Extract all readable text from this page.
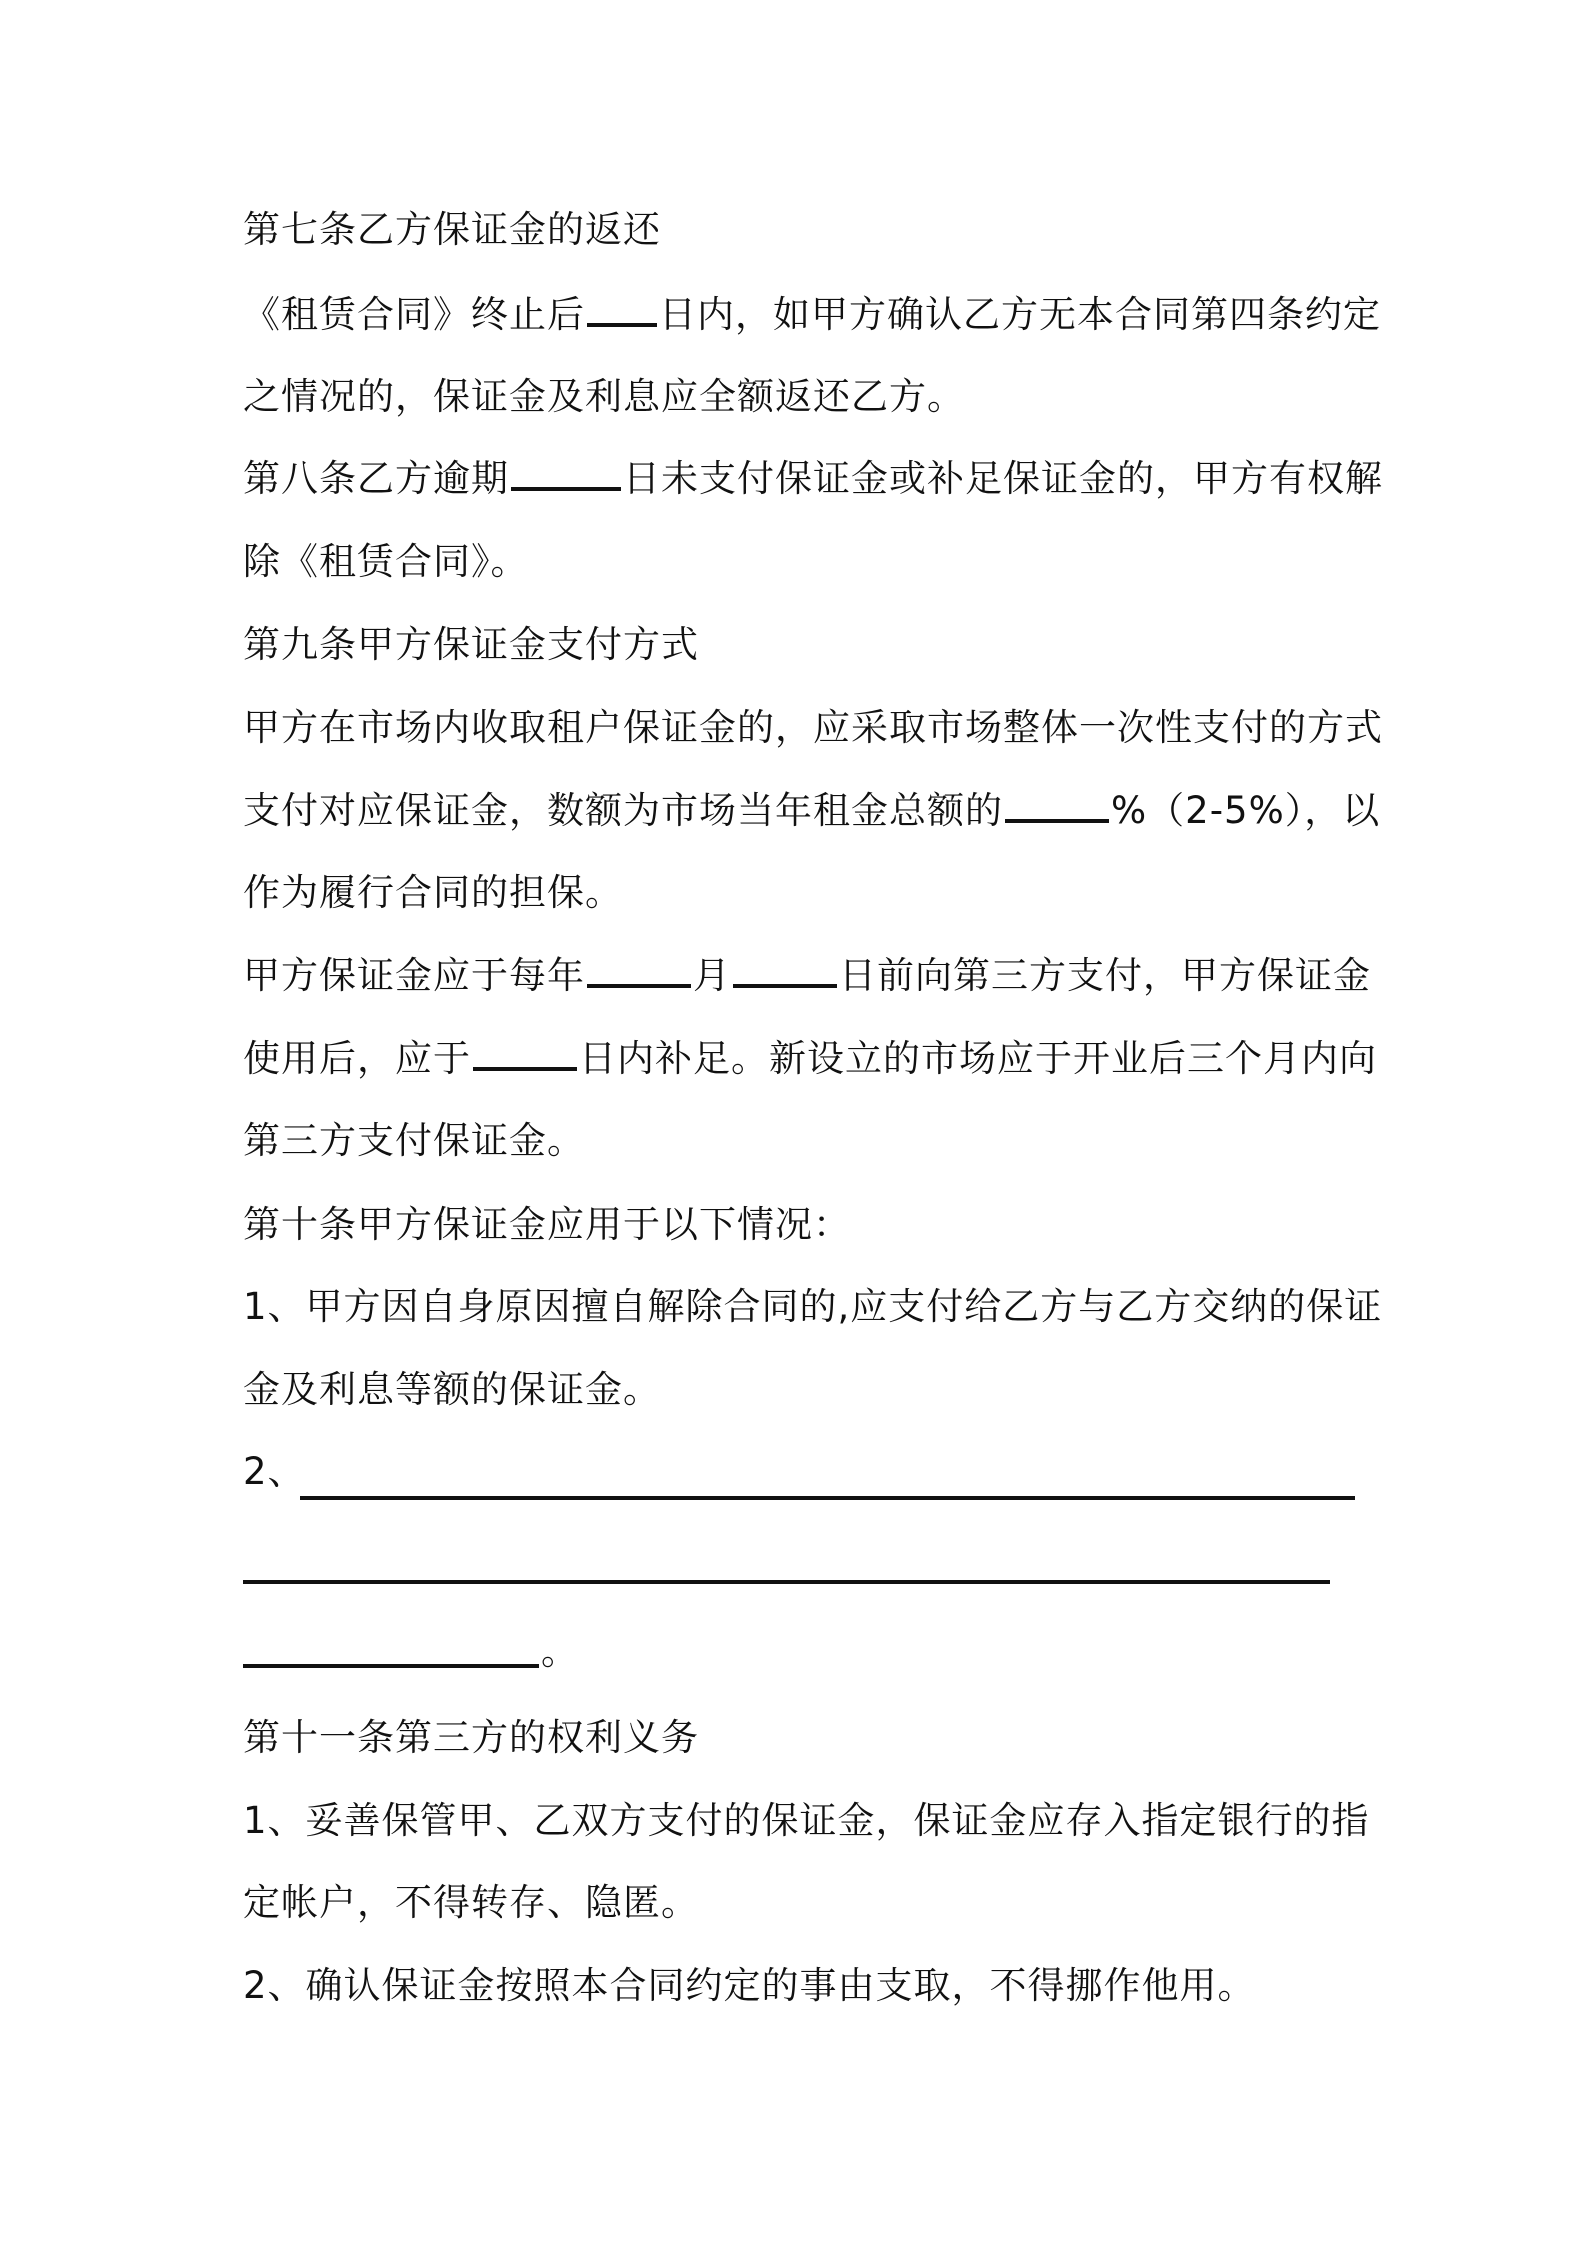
第七条乙方保证金的返还
《租赁合同》终止后 日内，如甲方确认乙方无本合同第四条约定
之情况的，保证金及利息应全额返还乙方。
第八条乙方逾期	日未支付保证金或补足保证金的，甲方有权解
除《租赁合同》。
第九条甲方保证金支付方式
甲方在市场内收取租户保证金的，应采取市场整体一次性支付的方式
支付对应保证金，数额为市场当年租金总额的	%（2-5%），以
作为履行合同的担保。
甲方保证金应于每年	月	日前向第三方支付，甲方保证金
使用后，应于	日内补足。新设立的市场应于开业后三个月内向
第三方支付保证金。
第十条甲方保证金应用于以下情况：
1、甲方因自身原因擅自解除合同的,应支付给乙方与乙方交纳的保证
金及利息等额的保证金。
2、
。
第十一条第三方的权利义务
1、妥善保管甲、乙双方支付的保证金，保证金应存入指定银行的指
定帐户，不得转存、隐匿。
2、确认保证金按照本合同约定的事由支取，不得挪作他用。
